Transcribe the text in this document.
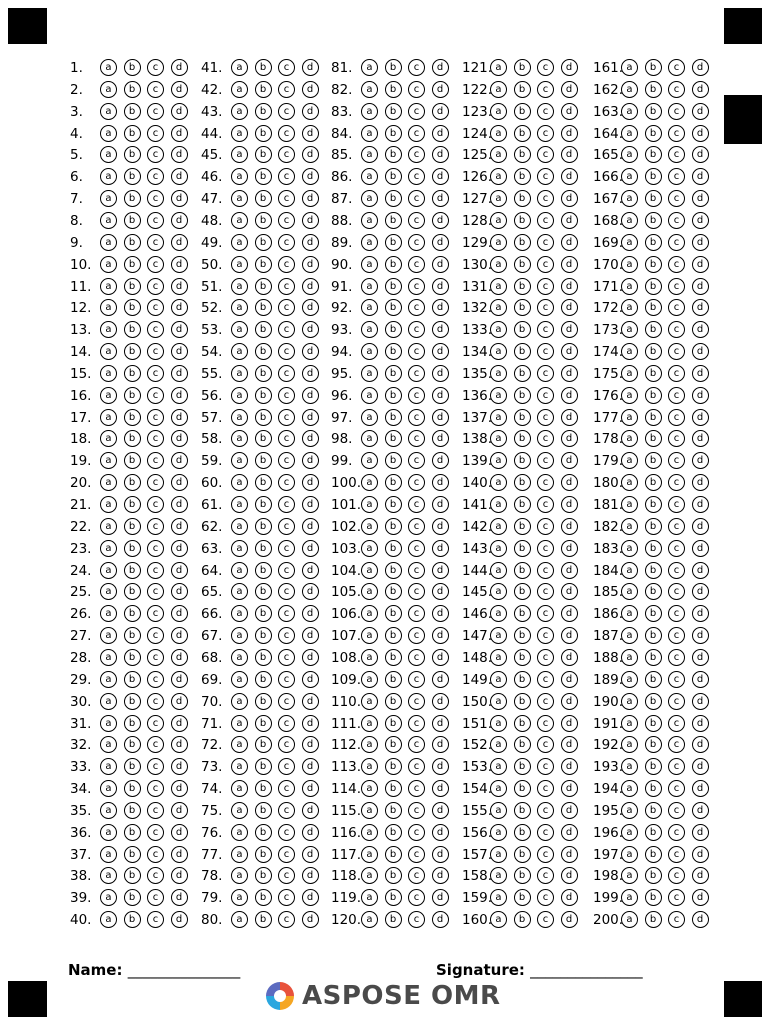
1.	a	b	c	d
2.	a	b	c	d
3.	a	b	c	d
4.	a	b	c	d
5.	a	b	c	d
6.	a	b	c	d
7.	a	b	c	d
8.	a	b	c	d
9.	a	b	c	d
10.	a	b	c	d
11.	a	b	c	d
12.	a	b	c	d
13.	a	b	c	d
14.	a	b	c	d
15.	a	b	c	d
16.	a	b	c	d
17.	a	b	c	d
18.	a	b	c	d
19.	a	b	c	d
20.	a	b	c	d
21.	a	b	c	d
22.	a	b	c	d
23.	a	b	c	d
24.	a	b	c	d
25.	a	b	c	d
26.	a	b	c	d
27.	a	b	c	d
28.	a	b	c	d
29.	a	b	c	d
30.	a	b	c	d
31.	a	b	c	d
32.	a	b	c	d
33.	a	b	c	d
34.	a	b	c	d
35.	a	b	c	d
36.	a	b	c	d
37.	a	b	c	d
38.	a	b	c	d
39.	a	b	c	d
40.	a	b	c	d
41.	a	b	c	d
42.	a	b	c	d
43.	a	b	c	d
44.	a	b	c	d
45.	a	b	c	d
46.	a	b	c	d
47.	a	b	c	d
48.	a	b	c	d
49.	a	b	c	d
50.	a	b	c	d
51.	a	b	c	d
52.	a	b	c	d
53.	a	b	c	d
54.	a	b	c	d
55.	a	b	c	d
56.	a	b	c	d
57.	a	b	c	d
58.	a	b	c	d
59.	a	b	c	d
60.	a	b	c	d
61.	a	b	c	d
62.	a	b	c	d
63.	a	b	c	d
64.	a	b	c	d
65.	a	b	c	d
66.	a	b	c	d
67.	a	b	c	d
68.	a	b	c	d
69.	a	b	c	d
70.	a	b	c	d
71.	a	b	c	d
72.	a	b	c	d
73.	a	b	c	d
74.	a	b	c	d
75.	a	b	c	d
76.	a	b	c	d
77.	a	b	c	d
78.	a	b	c	d
79.	a	b	c	d
80.	a	b	c	d
81.	a	b	c	d
82.	a	b	c	d
83.	a	b	c	d
84.	a	b	c	d
85.	a	b	c	d
86.	a	b	c	d
87.	a	b	c	d
88.	a	b	c	d
89.	a	b	c	d
90.	a	b	c	d
91.	a	b	c	d
92.	a	b	c	d
93.	a	b	c	d
94.	a	b	c	d
95.	a	b	c	d
96.	a	b	c	d
97.	a	b	c	d
98.	a	b	c	d
99.	a	b	c	d
100. a	b	c	d
101. a	b	c	d
102. a	b	c	d
103. a	b	c	d
104. a	b	c	d
105. a	b	c	d
106. a	b	c	d
107. a	b	c	d
108. a	b	c	d
109. a	b	c	d
110. a	b	c	d
111. a	b	c	d
112. a	b	c	d
113. a	b	c	d
114. a	b	c	d
115. a	b	c	d
116. a	b	c	d
117. a	b	c	d
118. a	b	c	d
119. a	b	c	d
120. a	b	c	d
121. a	b	c	d
122. a	b	c	d
123. a	b	c	d
124. a	b	c	d
125. a	b	c	d
126. a	b	c	d
127. a	b	c	d
128. a	b	c	d
129. a	b	c	d
130. a	b	c	d
131. a	b	c	d
132. a	b	c	d
133. a	b	c	d
134. a	b	c	d
135. a	b	c	d
136. a	b	c	d
137. a	b	c	d
138. a	b	c	d
139. a	b	c	d
140. a	b	c	d
141. a	b	c	d
142. a	b	c	d
143. a	b	c	d
144. a	b	c	d
145. a	b	c	d
146. a	b	c	d
147. a	b	c	d
148. a	b	c	d
149. a	b	c	d
150. a	b	c	d
151. a	b	c	d
152. a	b	c	d
153. a	b	c	d
154. a	b	c	d
155. a	b	c	d
156. a	b	c	d
157. a	b	c	d
158. a	b	c	d
159. a	b	c	d
160. a	b	c	d
161. a	b	c	d
162. a	b	c	d
163. a	b	c	d
164. a	b	c	d
165. a	b	c	d
166. a	b	c	d
167. a	b	c	d
168. a	b	c	d
169. a	b	c	d
170. a	b	c	d
171. a	b	c	d
172. a	b	c	d
173. a	b	c	d
174. a	b	c	d
175. a	b	c	d
176. a	b	c	d
177. a	b	c	d
178. a	b	c	d
179. a	b	c	d
180. a	b	c	d
181. a	b	c	d
182. a	b	c	d
183. a	b	c	d
184. a	b	c	d
185. a	b	c	d
186. a	b	c	d
187. a	b	c	d
188. a	b	c	d
189. a	b	c	d
190. a	b	c	d
191. a	b	c	d
192. a	b	c	d
193. a	b	c	d
194. a	b	c	d
195. a	b	c	d
196. a	b	c	d
197. a	b	c	d
198. a	b	c	d
199. a	b	c	d
200. a	b	c	d
Name: _______________	Signature: _______________
ASPOSE OMR
